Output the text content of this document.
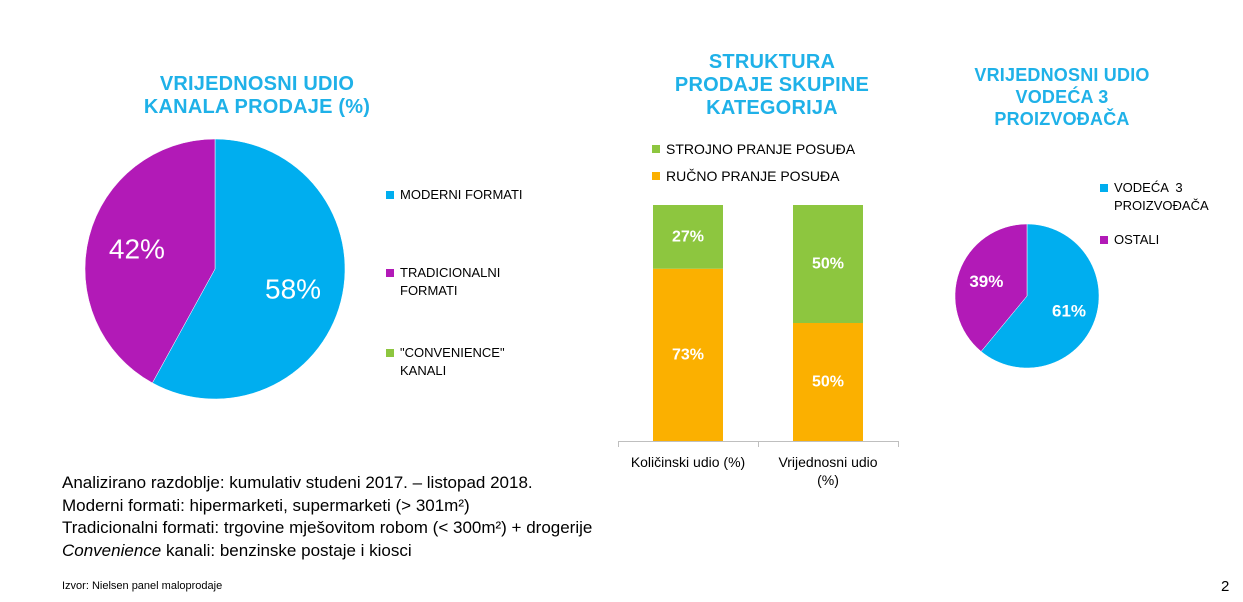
VRIJEDNOSNI UDIO
KANALA PRODAJE (%)
STRUKTURA
PRODAJE SKUPINE
KATEGORIJA
VRIJEDNOSNI UDIO
VODEĆA 3
PROIZVOĐAČA
MODERNI FORMATI
TRADICIONALNI
FORMATI
"CONVENIENCE"
KANALI
STROJNO PRANJE POSUĐA
RUČNO PRANJE POSUĐA
VODEĆA  3
PROIZVOĐAČA
OSTALI
58%
42%
73%
27%
50%
50%
61%
39%
Količinski udio (%)	Vrijednosni udio
(%)
Analizirano razdoblje: kumulativ studeni 2017. – listopad 2018.
Moderni formati: hipermarketi, supermarketi (> 301m²)
Tradicionalni formati: trgovine mješovitom robom (< 300m²) + drogerije
Convenience kanali: benzinske postaje i kiosci
Izvor: Nielsen panel maloprodaje	2
